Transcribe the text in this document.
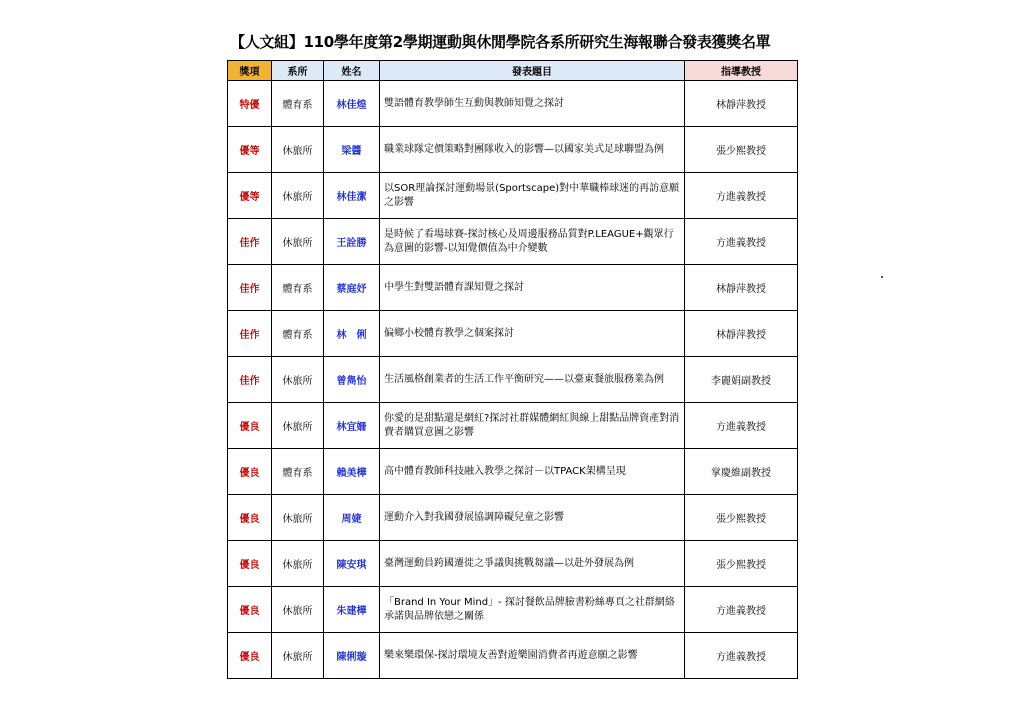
【人文組】110學年度第2學期運動與休閒學院各系所研究生海報聯合發表獲獎名單
獎項	系所	姓名	發表題目	指導教授
特優	體育系	林佳煌	雙語體育教學師生互動與教師知覺之探討	林靜萍教授
優等	休旅所	梁醬	職業球隊定價策略對團隊收入的影響—以國家美式足球聯盟為例	張少熙教授
優等	休旅所	林佳潔	以SOR理論探討運動場景(Sportscape)對中華職棒球迷的再訪意願之影響	方進義教授
佳作	休旅所	王詮勝	是時候了看場球賽-探討核心及周邊服務品質對P.LEAGUE+觀眾行為意圖的影響-以知覺價值為中介變數	方進義教授
佳作	體育系	蔡庭妤	中學生對雙語體育課知覺之探討	林靜萍教授
佳作	體育系	林　俐	偏鄉小校體育教學之個案探討	林靜萍教授
佳作	休旅所	曾雋怡	生活風格創業者的生活工作平衡研究——以臺東餐旅服務業為例	李麗娟副教授
優良	休旅所	林宜姍	你愛的是甜點還是網紅?探討社群媒體網紅與線上甜點品牌資產對消費者購買意圖之影響	方進義教授
優良	體育系	賴美樺	高中體育教師科技融入教學之探討－以TPACK架構呈現	掌慶維副教授
優良	休旅所	周婕	運動介入對我國發展協調障礙兒童之影響	張少熙教授
優良	休旅所	陳安琪	臺灣運動員跨國遷徙之爭議與挑戰芻議—以赴外發展為例	張少熙教授
優良	休旅所	朱建樺	「Brand In Your Mind」- 探討餐飲品牌臉書粉絲專頁之社群網絡承諾與品牌依戀之關係	方進義教授
優良	休旅所	陳俐璇	樂來樂環保-探討環境友善對遊樂園消費者再遊意願之影響	方進義教授
